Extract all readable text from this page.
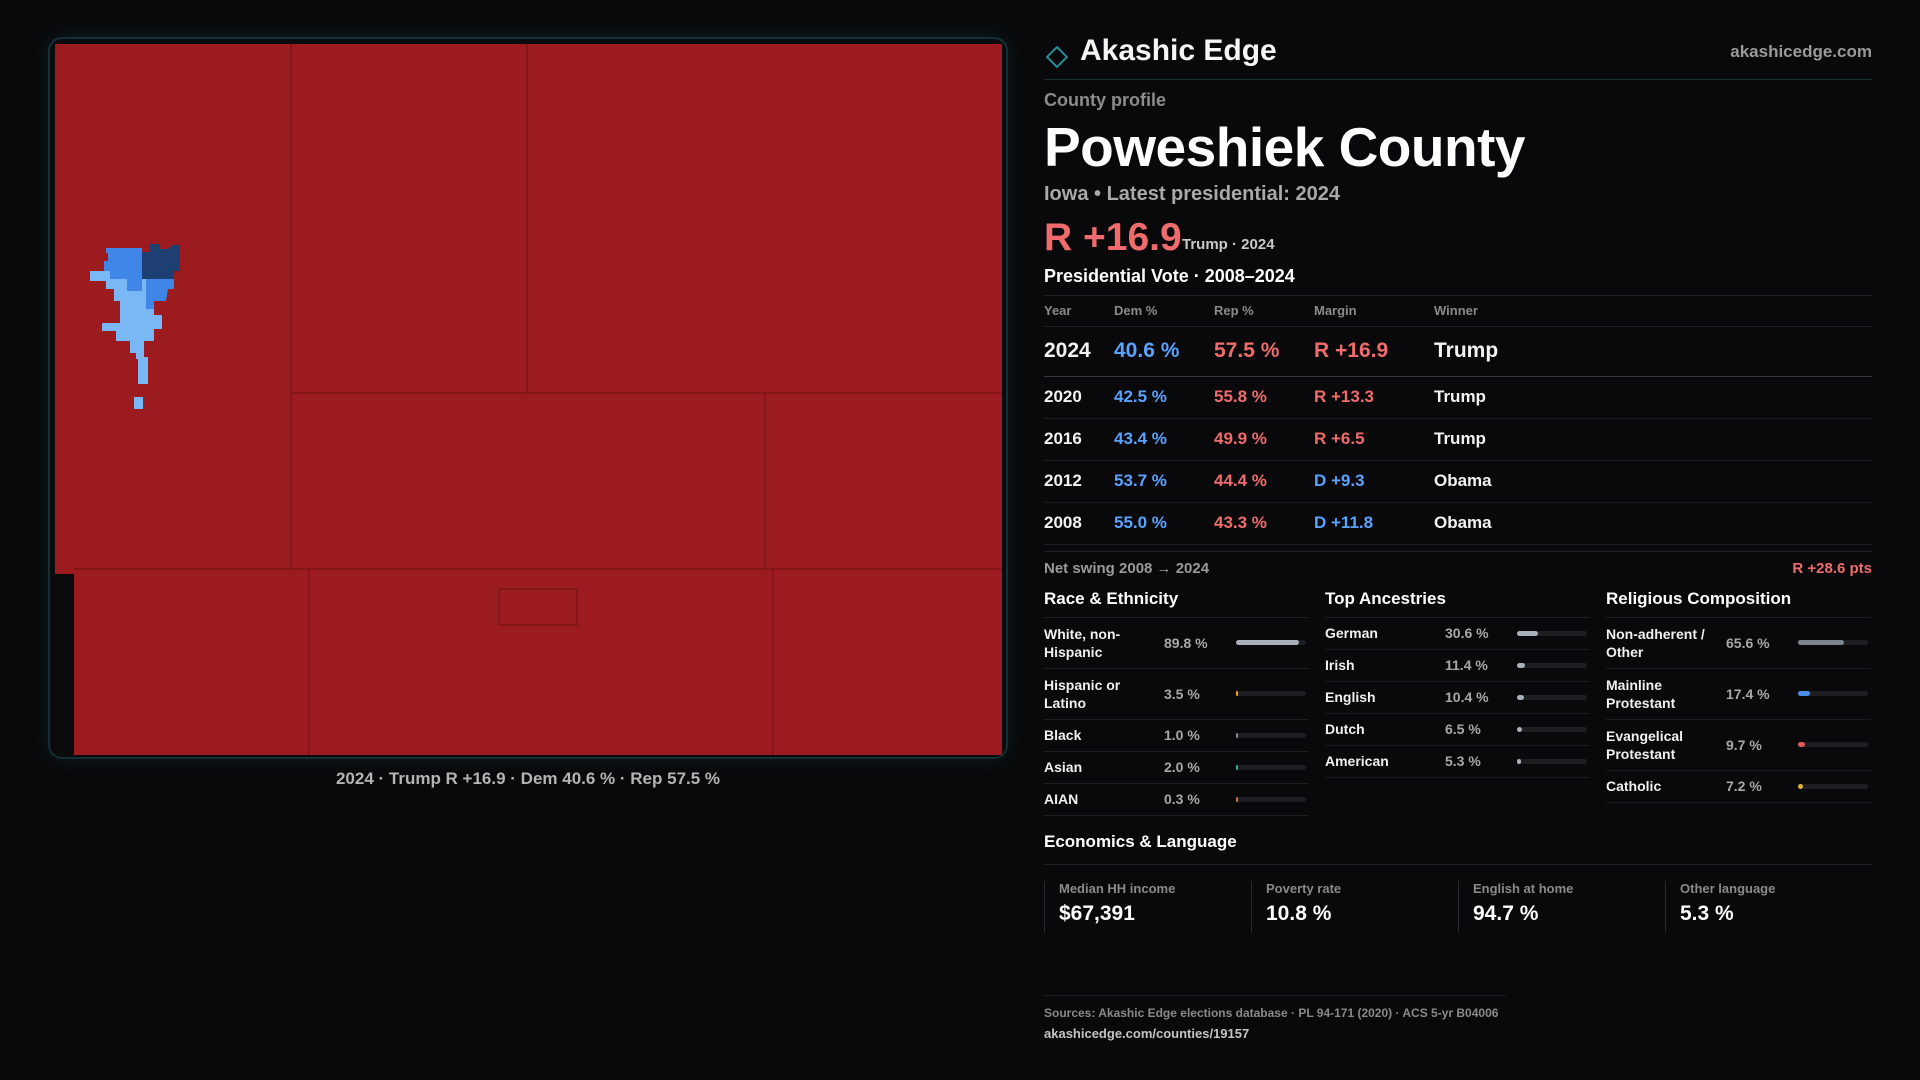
2024 · Trump R +16.9 · Dem 40.6 % · Rep 57.5 %
Akashic Edge	akashicedge.com
County profile
Poweshiek County
Iowa • Latest presidential: 2024
R +16.9 Trump · 2024
Presidential Vote · 2008–2024
Year	Dem %	Rep %	Margin	Winner
2024	40.6 %	57.5 %	R +16.9	Trump
2020	42.5 %	55.8 %	R +13.3	Trump
2016	43.4 %	49.9 %	R +6.5	Trump
2012	53.7 %	44.4 %	D +9.3	Obama
2008	55.0 %	43.3 %	D +11.8	Obama
Net swing 2008 → 2024	R +28.6 pts
Race & Ethnicity
White, non-Hispanic
89.8 %
Hispanic or Latino
3.5 %
Black	1.0 %
Asian	2.0 %
AIAN	0.3 %
Top Ancestries
German	30.6 %
Irish	11.4 %
English	10.4 %
Dutch	6.5 %
American	5.3 %
Religious Composition
Non-adherent / Other
65.6 %
Mainline Protestant
17.4 %
Evangelical Protestant
9.7 %
Catholic	7.2 %
Economics & Language
Median HH income
$67,391
Poverty rate
10.8 %
English at home
94.7 %
Other language
5.3 %
Sources: Akashic Edge elections database · PL 94-171 (2020) · ACS 5-yr B04006
akashicedge.com/counties/19157
